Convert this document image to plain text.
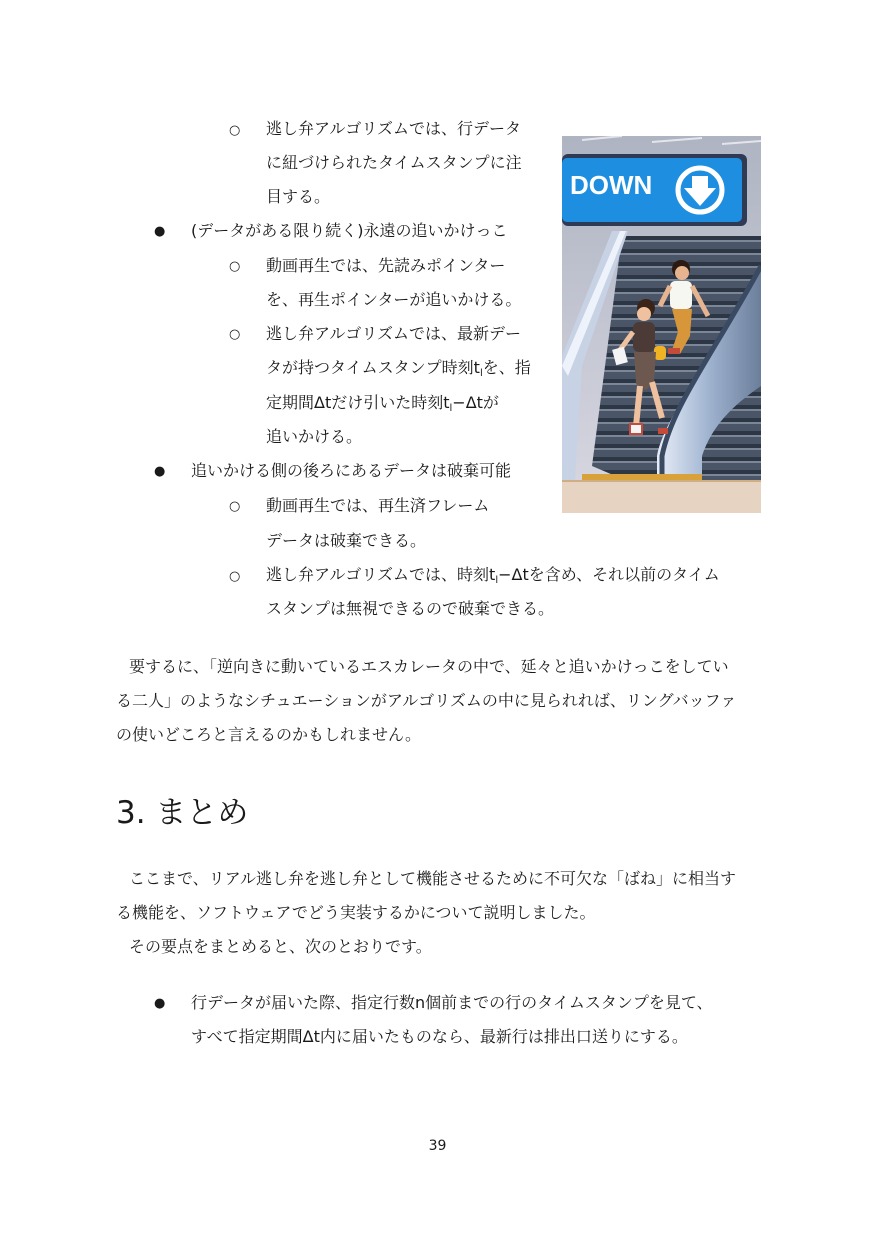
○ 逃し弁アルゴリズムでは、行データ
に紐づけられたタイムスタンプに注
目する。
● (データがある限り続く)永遠の追いかけっこ
○ 動画再生では、先読みポインター
を、再生ポインターが追いかける。
○ 逃し弁アルゴリズムでは、最新デー
タが持つタイムスタンプ時刻$t_l$を、指
定期間Δtだけ引いた時刻$t_l-\Delta t$が
追いかける。
● 追いかける側の後ろにあるデータは破棄可能
○ 動画再生では、再生済フレーム
データは破棄できる。
○ 逃し弁アルゴリズムでは、時刻$t_l-\Delta t$を含め、それ以前のタイム
スタンプは無視できるので破棄できる。
要するに、「逆向きに動いているエスカレータの中で、延々と追いかけっこをしてい
る二人」のようなシチュエーションがアルゴリズムの中に見られれば、リングバッファ
の使いどころと言えるのかもしれません。
3. まとめ
ここまで、リアル逃し弁を逃し弁として機能させるために不可欠な「ばね」に相当す
る機能を、ソフトウェアでどう実装するかについて説明しました。
その要点をまとめると、次のとおりです。
● 行データが届いた際、指定行数n個前までの行のタイムスタンプを見て、
すべて指定期間Δt内に届いたものなら、最新行は排出口送りにする。
39
DOWN
